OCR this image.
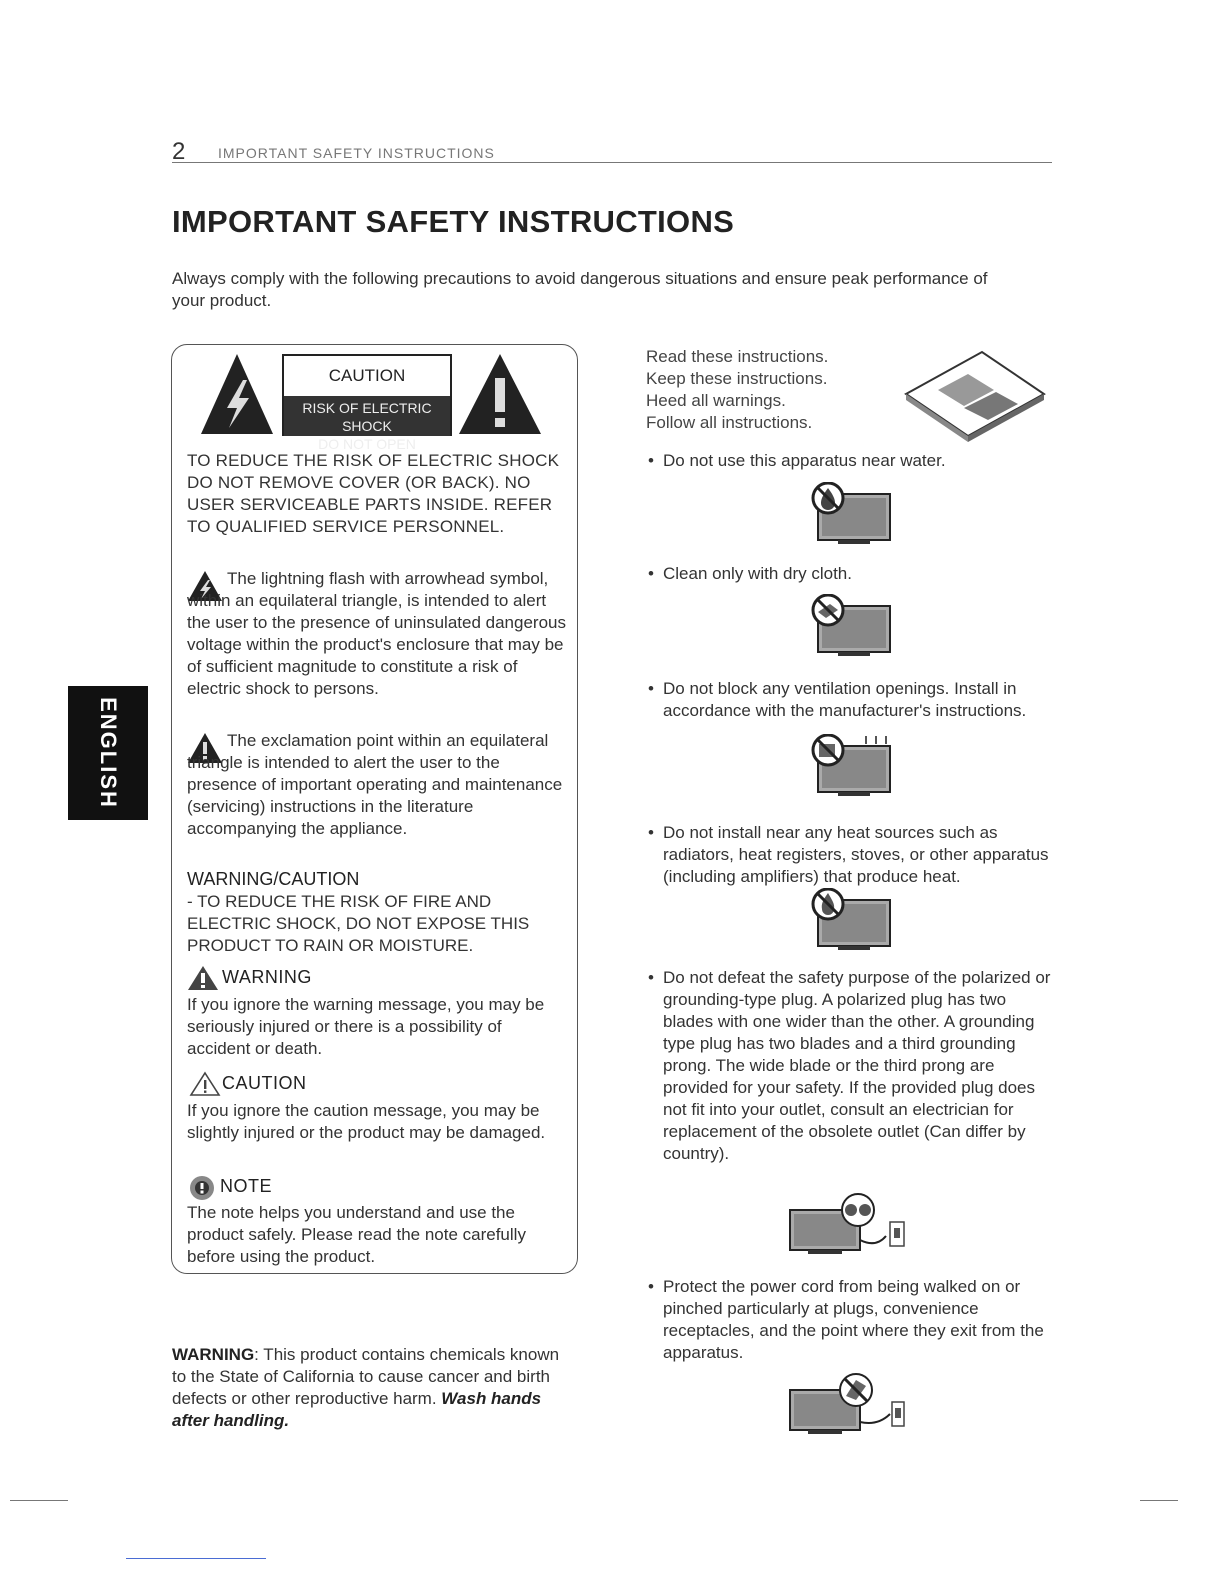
2 IMPORTANT SAFETY INSTRUCTIONS
IMPORTANT SAFETY INSTRUCTIONS
Always comply with the following precautions to avoid dangerous situations and ensure peak performance of your product.
ENGLISH
CAUTION
RISK OF ELECTRIC SHOCK
DO NOT OPEN
TO REDUCE THE RISK OF ELECTRIC SHOCK DO NOT REMOVE COVER (OR BACK). NO USER SERVICEABLE PARTS INSIDE. REFER TO QUALIFIED SERVICE PERSONNEL.
The lightning flash with arrowhead symbol, within an equilateral triangle, is intended to alert the user to the presence of uninsulated dangerous voltage within the product's enclosure that may be of sufficient magnitude to constitute a risk of electric shock to persons.
The exclamation point within an equilateral triangle is intended to alert the user to the presence of important operating and maintenance (servicing) instructions in the literature accompanying the appliance.
WARNING/CAUTION
- TO REDUCE THE RISK OF FIRE AND ELECTRIC SHOCK, DO NOT EXPOSE THIS PRODUCT TO RAIN OR MOISTURE.
WARNING
If you ignore the warning message, you may be seriously injured or there is a possibility of accident or death.
CAUTION
If you ignore the caution message, you may be slightly injured or the product may be damaged.
NOTE
The note helps you understand and use the product safely. Please read the note carefully before using the product.
WARNING: This product contains chemicals known to the State of California to cause cancer and birth defects or other reproductive harm. Wash hands after handling.
Read these instructions.
Keep these instructions.
Heed all warnings.
Follow all instructions.
• Do not use this apparatus near water.
• Clean only with dry cloth.
• Do not block any ventilation openings. Install in accordance with the manufacturer's instructions.
• Do not install near any heat sources such as radiators, heat registers, stoves, or other apparatus (including amplifiers) that produce heat.
• Do not defeat the safety purpose of the polarized or grounding-type plug. A polarized plug has two blades with one wider than the other. A grounding type plug has two blades and a third grounding prong. The wide blade or the third prong are provided for your safety. If the provided plug does not fit into your outlet, consult an electrician for replacement of the obsolete outlet (Can differ by country).
• Protect the power cord from being walked on or pinched particularly at plugs, convenience receptacles, and the point where they exit from the apparatus.
